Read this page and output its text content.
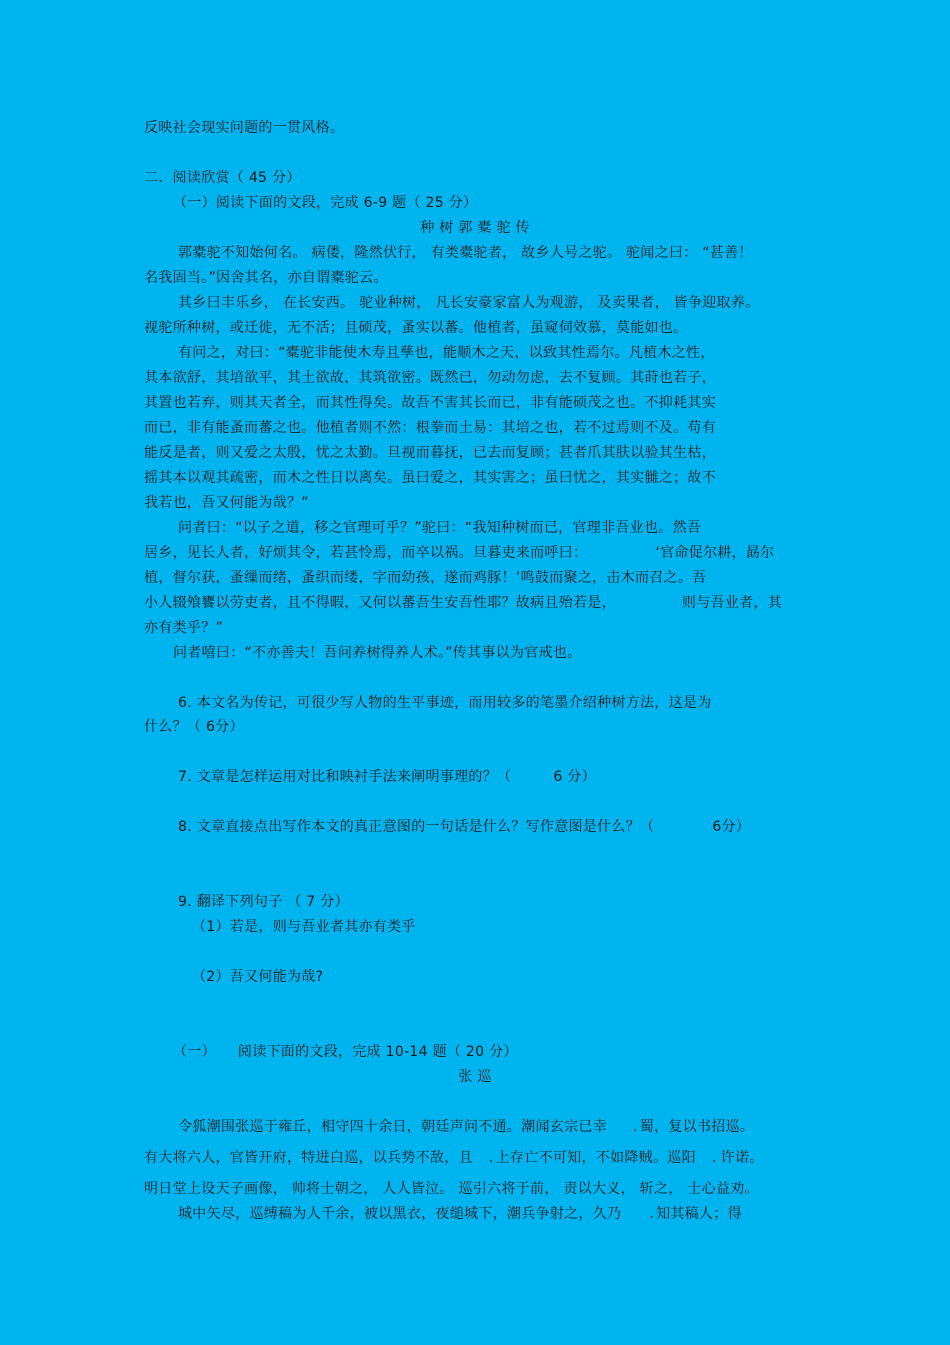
反映社会现实问题的一贯风格。
二．阅读欣赏（ 45 分）
（一）阅读下面的文段，完成 6-9 题（ 25 分）
种 树 郭 橐 驼 传
郭橐驼不知始何名。 病偻，隆然伏行， 有类橐驼者， 故乡人号之驼。 驼闻之曰： “甚善！
名我固当。”因舍其名，亦自谓橐驼云。
其乡曰丰乐乡， 在长安西。 驼业种树， 凡长安豪家富人为观游， 及卖果者， 皆争迎取养。
视驼所种树，或迁徙，无不活；且硕茂，蚤实以蕃。他植者，虽窥伺效慕，莫能如也。
有问之，对曰：“橐驼非能使木寿且孳也，能顺木之天，以致其性焉尔。凡植木之性，
其本欲舒，其培欲平，其土欲故，其筑欲密。既然已，勿动勿虑，去不复顾。其莳也若子，
其置也若弃，则其天者全，而其性得矣。故吾不害其长而已，非有能硕茂之也。不抑耗其实
而已，非有能蚤而蕃之也。他植者则不然：根拳而土易：其培之也，若不过焉则不及。苟有
能反是者，则又爱之太殷，忧之太勤。旦视而暮抚，已去而复顾；甚者爪其肤以验其生枯，
摇其本以观其疏密，而木之性日以离矣。虽曰爱之，其实害之；虽曰忧之，其实雠之；故不
我若也，吾又何能为哉？”
问者曰：“以子之道，移之官理可乎？”驼曰：“我知种树而已，官理非吾业也。然吾
居乡，见长人者，好烦其令，若甚怜焉，而卒以祸。旦暮吏来而呼曰：	‘官命促尔耕，勗尔
植，督尔获，蚤缫而绪，蚤织而缕，字而幼孩，遂而鸡豚！’鸣鼓而聚之，击木而召之。吾
小人辍飧饔以劳吏者，且不得暇，又何以蕃吾生安吾性耶？故病且殆若是，	则与吾业者，其
亦有类乎？”
问者嘻曰：“不亦善夫！吾问养树得养人术。”传其事以为官戒也。
6. 本文名为传记，可很少写人物的生平事迹，而用较多的笔墨介绍种树方法，这是为
什么？（ 6分）
7. 文章是怎样运用对比和映衬手法来阐明事理的？（	6 分）
8. 文章直接点出写作本文的真正意图的一句话是什么？写作意图是什么？（	6分）
9. 翻译下列句子 （ 7 分）
（1）若是，则与吾业者其亦有类乎
（2）吾又何能为哉?
（一） 阅读下面的文段，完成 10-14 题（ 20 分）
张 巡
令狐潮围张巡于雍丘，相守四十余日，朝廷声问不通。潮闻玄宗已幸 . 蜀，复以书招巡。
有大将六人，官皆开府，特进白巡，以兵势不敌，且 . 上存亡不可知，不如降贼。巡阳 . 许诺。
明日堂上设天子画像， 帅将士朝之， 人人皆泣。 巡引六将于前， 责以大义， 斩之， 士心益劝。
城中矢尽，巡缚稿为人千余，被以黑衣，夜缒城下，潮兵争射之，久乃 . 知其稿人；得
